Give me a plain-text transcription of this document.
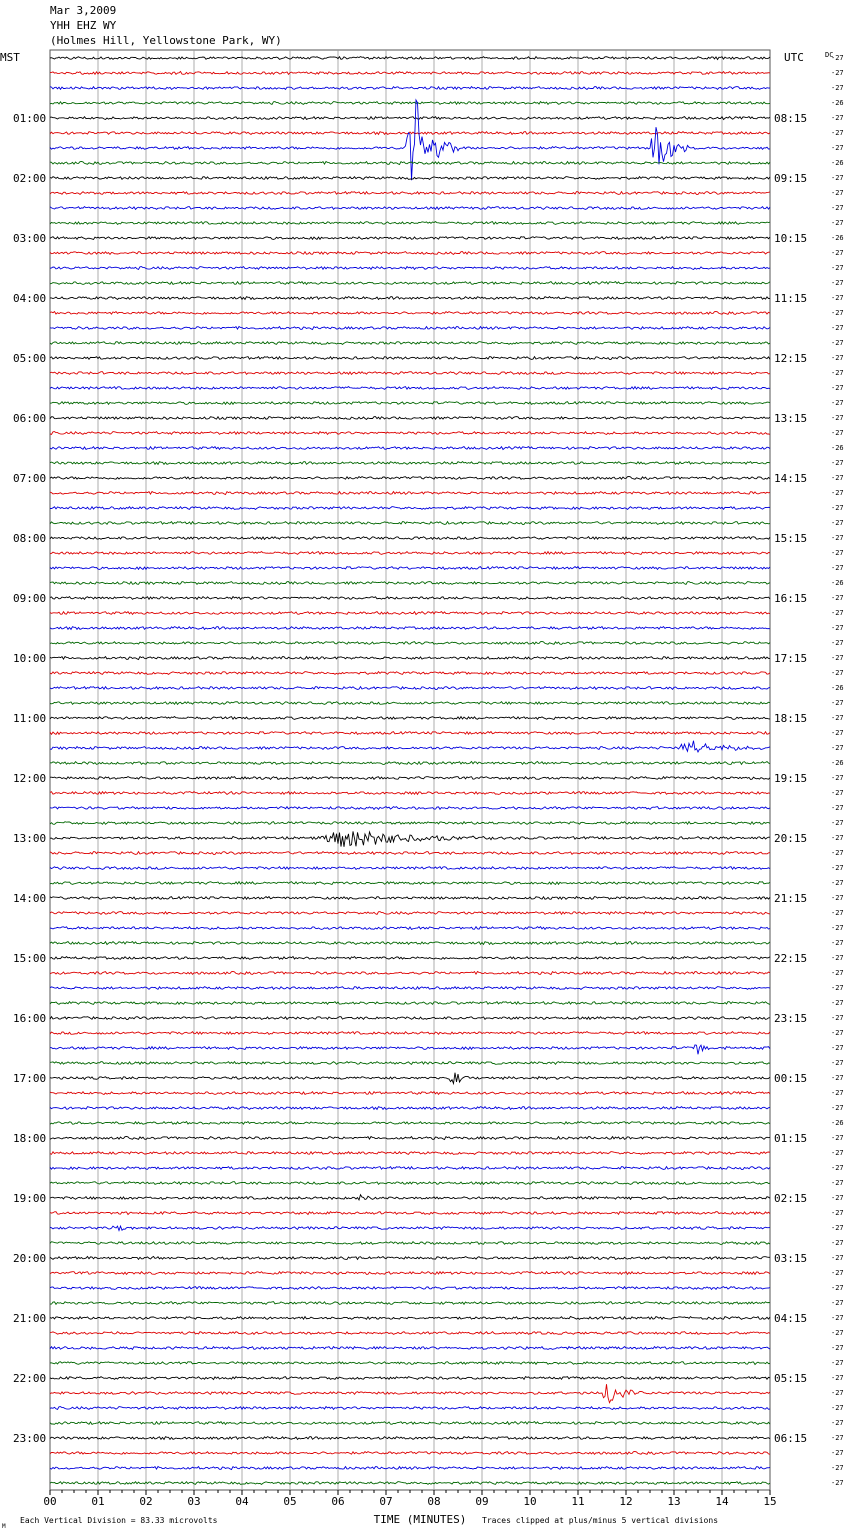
Mar 3,2009
YHH EHZ WY
(Holmes Hill, Yellowstone Park, WY)
MST	UTC	DC
01:00	08:15
02:00	09:15
03:00	10:15
04:00	11:15
05:00	12:15
06:00	13:15
07:00	14:15
08:00	15:15
09:00	16:15
10:00	17:15
11:00	18:15
12:00	19:15
13:00	20:15
14:00	21:15
15:00	22:15
16:00	23:15
17:00	00:15
18:00	01:15
19:00	02:15
20:00	03:15
21:00	04:15
22:00	05:15
23:00	06:15
-27
-27
-27
-26
-27
-27
-27
-26
-27
-27
-27
-27
-26
-27
-27
-27
-27
-27
-27
-27
-27
-27
-27
-27
-27
-27
-26
-27
-27
-27
-27
-27
-27
-27
-27
-26
-27
-27
-27
-27
-27
-27
-26
-27
-27
-27
-27
-26
-27
-27
-27
-27
-27
-27
-27
-27
-27
-27
-27
-27
-27
-27
-27
-27
-27
-27
-27
-27
-27
-27
-27
-26
-27
-27
-27
-27
-27
-27
-27
-27
-27
-27
-27
-27
-27
-27
-27
-27
-27
-27
-27
-27
-27
-27
-27
-27
00	01	02	03	04	05	06	07	08	09	10	11	12	13	14	15
TIME (MINUTES)
Each Vertical Division = 83.33 microvolts	Traces clipped at plus/minus 5 vertical divisions
M
